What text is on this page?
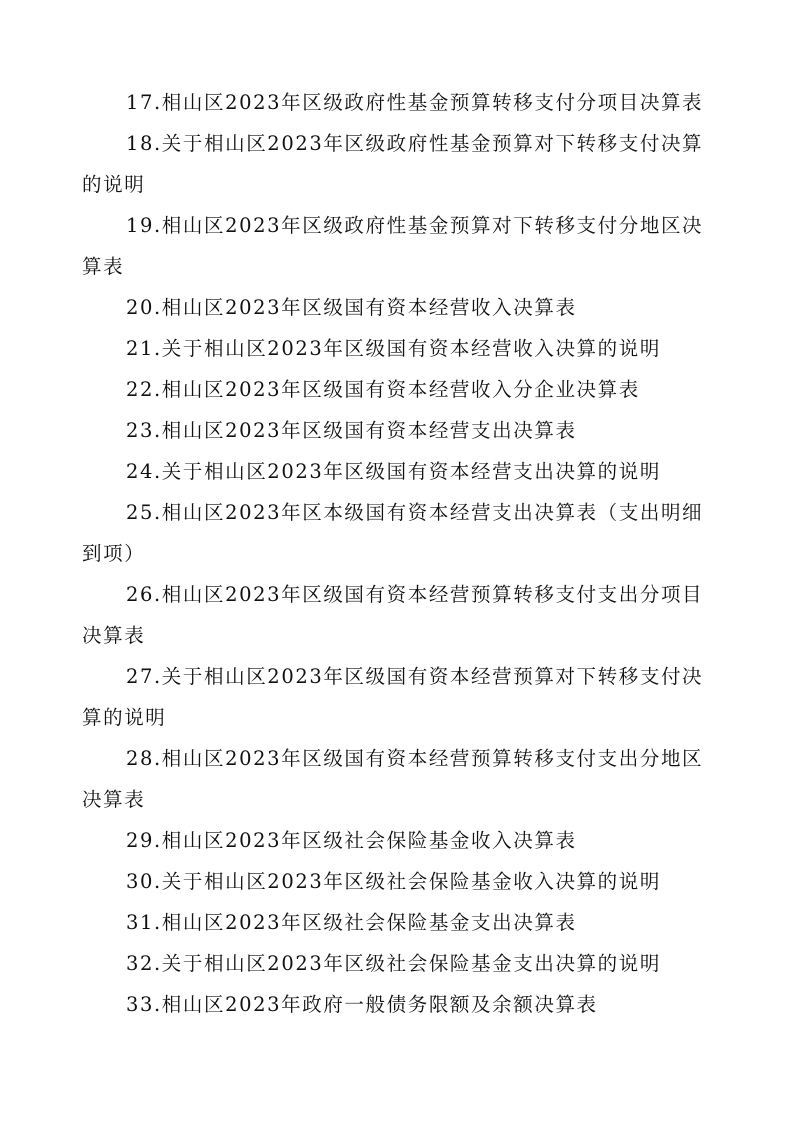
17.相山区2023年区级政府性基金预算转移支付分项目决算表

18.关于相山区2023年区级政府性基金预算对下转移支付决算的说明

19.相山区2023年区级政府性基金预算对下转移支付分地区决算表

20.相山区2023年区级国有资本经营收入决算表

21.关于相山区2023年区级国有资本经营收入决算的说明

22.相山区2023年区级国有资本经营收入分企业决算表

23.相山区2023年区级国有资本经营支出决算表

24.关于相山区2023年区级国有资本经营支出决算的说明

25.相山区2023年区本级国有资本经营支出决算表（支出明细到项）

26.相山区2023年区级国有资本经营预算转移支付支出分项目决算表

27.关于相山区2023年区级国有资本经营预算对下转移支付决算的说明

28.相山区2023年区级国有资本经营预算转移支付支出分地区决算表

29.相山区2023年区级社会保险基金收入决算表

30.关于相山区2023年区级社会保险基金收入决算的说明

31.相山区2023年区级社会保险基金支出决算表

32.关于相山区2023年区级社会保险基金支出决算的说明

33.相山区2023年政府一般债务限额及余额决算表
